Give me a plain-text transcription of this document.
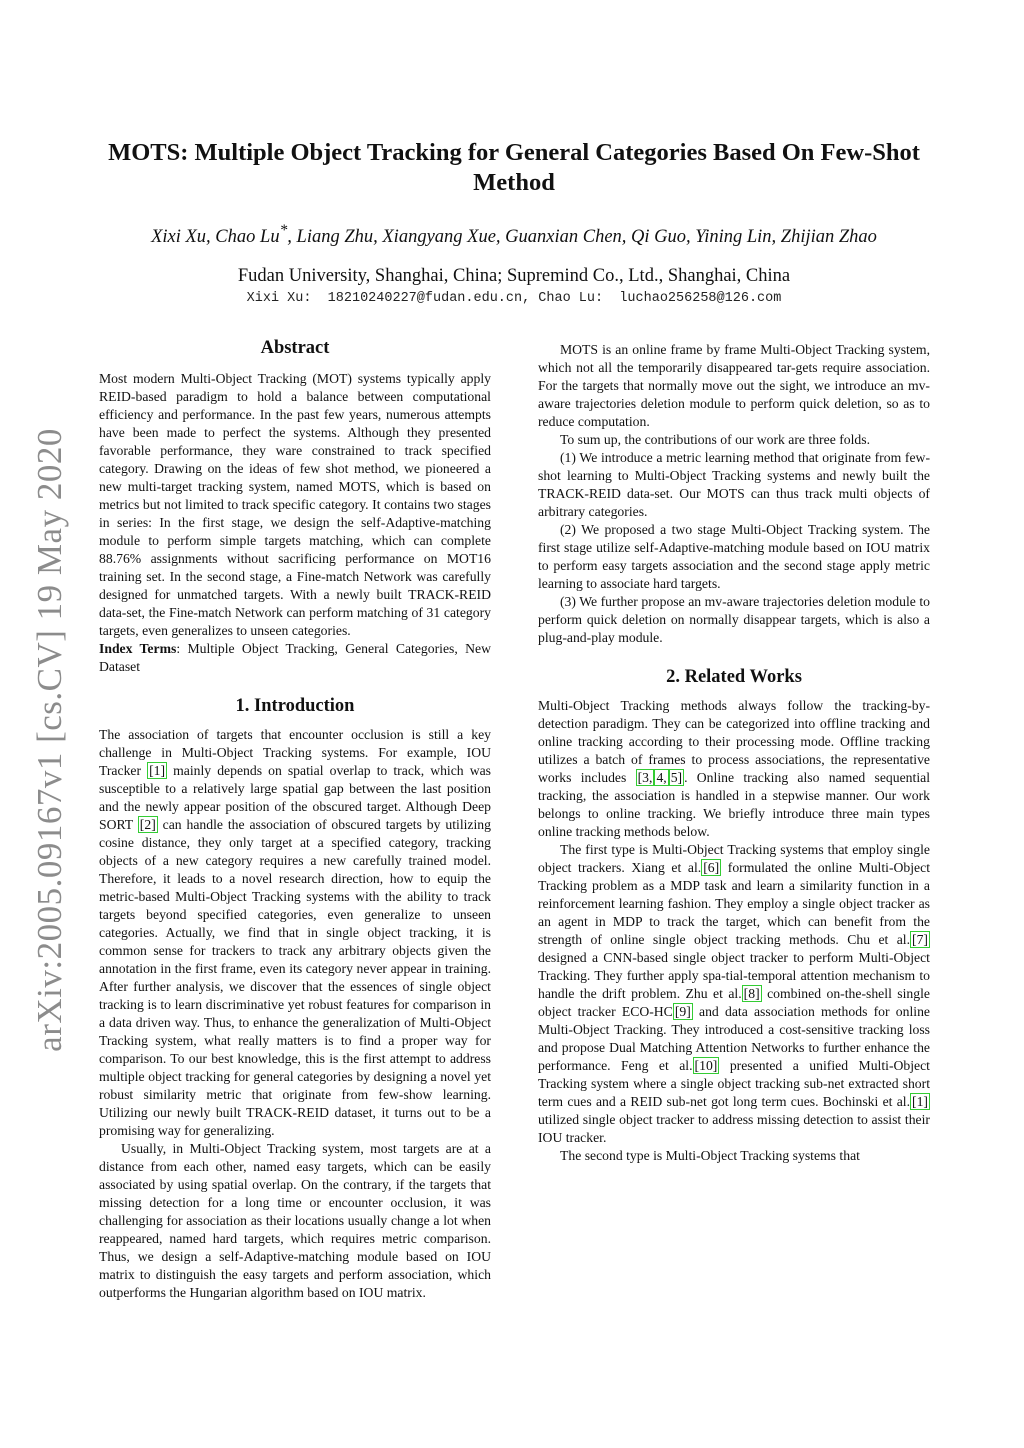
arXiv:2005.09167v1 [cs.CV] 19 May 2020
MOTS: Multiple Object Tracking for General Categories Based On Few-Shot
Method
Xixi Xu, Chao Lu*, Liang Zhu, Xiangyang Xue, Guanxian Chen, Qi Guo, Yining Lin, Zhijian Zhao
Fudan University, Shanghai, China; Supremind Co., Ltd., Shanghai, China
Xixi Xu:  18210240227@fudan.edu.cn, Chao Lu:  luchao256258@126.com
Abstract

Most modern Multi-Object Tracking (MOT) systems typically apply REID-based paradigm to hold a balance between computational efficiency and performance. In the past few years, numerous attempts have been made to perfect the systems. Although they presented favorable performance, they ware constrained to track specified category. Drawing on the ideas of few shot method, we pioneered a new multi-target tracking system, named MOTS, which is based on metrics but not limited to track specific category. It contains two stages in series: In the first stage, we design the self-Adaptive-matching module to perform simple targets matching, which can complete 88.76% assignments without sacrificing performance on MOT16 training set. In the second stage, a Fine-match Network was carefully designed for unmatched targets. With a newly built TRACK-REID data-set, the Fine-match Network can perform matching of 31 category targets, even generalizes to unseen categories.

Index Terms: Multiple Object Tracking, General Categories, New Dataset

1. Introduction

The association of targets that encounter occlusion is still a key challenge in Multi-Object Tracking systems. For example, IOU Tracker [1] mainly depends on spatial overlap to track, which was susceptible to a relatively large spatial gap between the last position and the newly appear position of the obscured target. Although Deep SORT [2] can handle the association of obscured targets by utilizing cosine distance, they only target at a specified category, tracking objects of a new category requires a new carefully trained model. Therefore, it leads to a novel research direction, how to equip the metric-based Multi-Object Tracking systems with the ability to track targets beyond specified categories, even generalize to unseen categories. Actually, we find that in single object tracking, it is common sense for trackers to track any arbitrary objects given the annotation in the first frame, even its category never appear in training. After further analysis, we discover that the essences of single object tracking is to learn discriminative yet robust features for comparison in a data driven way. Thus, to enhance the generalization of Multi-Object Tracking system, what really matters is to find a proper way for comparison. To our best knowledge, this is the first attempt to address multiple object tracking for general categories by designing a novel yet robust similarity metric that originate from few-show learning. Utilizing our newly built TRACK-REID dataset, it turns out to be a promising way for generalizing.

Usually, in Multi-Object Tracking system, most targets are at a distance from each other, named easy targets, which can be easily associated by using spatial overlap. On the contrary, if the targets that missing detection for a long time or encounter occlusion, it was challenging for association as their locations usually change a lot when reappeared, named hard targets, which requires metric comparison. Thus, we design a self-Adaptive-matching module based on IOU matrix to distinguish the easy targets and perform association, which outperforms the Hungarian algorithm based on IOU matrix.

MOTS is an online frame by frame Multi-Object Tracking system, which not all the temporarily disappeared tar-gets require association. For the targets that normally move out the sight, we introduce an mv-aware trajectories deletion module to perform quick deletion, so as to reduce computation.

To sum up, the contributions of our work are three folds.

(1) We introduce a metric learning method that originate from few-shot learning to Multi-Object Tracking systems and newly built the TRACK-REID data-set. Our MOTS can thus track multi objects of arbitrary categories.

(2) We proposed a two stage Multi-Object Tracking system. The first stage utilize self-Adaptive-matching module based on IOU matrix to perform easy targets association and the second stage apply metric learning to associate hard targets.

(3) We further propose an mv-aware trajectories deletion module to perform quick deletion on normally disappear targets, which is also a plug-and-play module.

2. Related Works

Multi-Object Tracking methods always follow the tracking-by-detection paradigm. They can be categorized into offline tracking and online tracking according to their processing mode. Offline tracking utilizes a batch of frames to process associations, the representative works includes [3, 4, 5] . Online tracking also named sequential tracking, the association is handled in a stepwise manner. Our work belongs to online tracking. We briefly introduce three main types online tracking methods below.

The first type is Multi-Object Tracking systems that employ single object trackers. Xiang et al. [6] formulated the online Multi-Object Tracking problem as a MDP task and learn a similarity function in a reinforcement learning fashion. They employ a single object tracker as an agent in MDP to track the target, which can benefit from the strength of online single object tracking methods. Chu et al. [7] designed a CNN-based single object tracker to perform Multi-Object Tracking. They further apply spa-tial-temporal attention mechanism to handle the drift problem. Zhu et al. [8] combined on-the-shell single object tracker ECO-HC [9] and data association methods for online Multi-Object Tracking. They introduced a cost-sensitive tracking loss and propose Dual Matching Attention Networks to further enhance the performance. Feng et al. [10] presented a unified Multi-Object Tracking system where a single object tracking sub-net extracted short term cues and a REID sub-net got long term cues. Bochinski et al. [1] utilized single object tracker to address missing detection to assist their IOU tracker.

The second type is Multi-Object Tracking systems that
